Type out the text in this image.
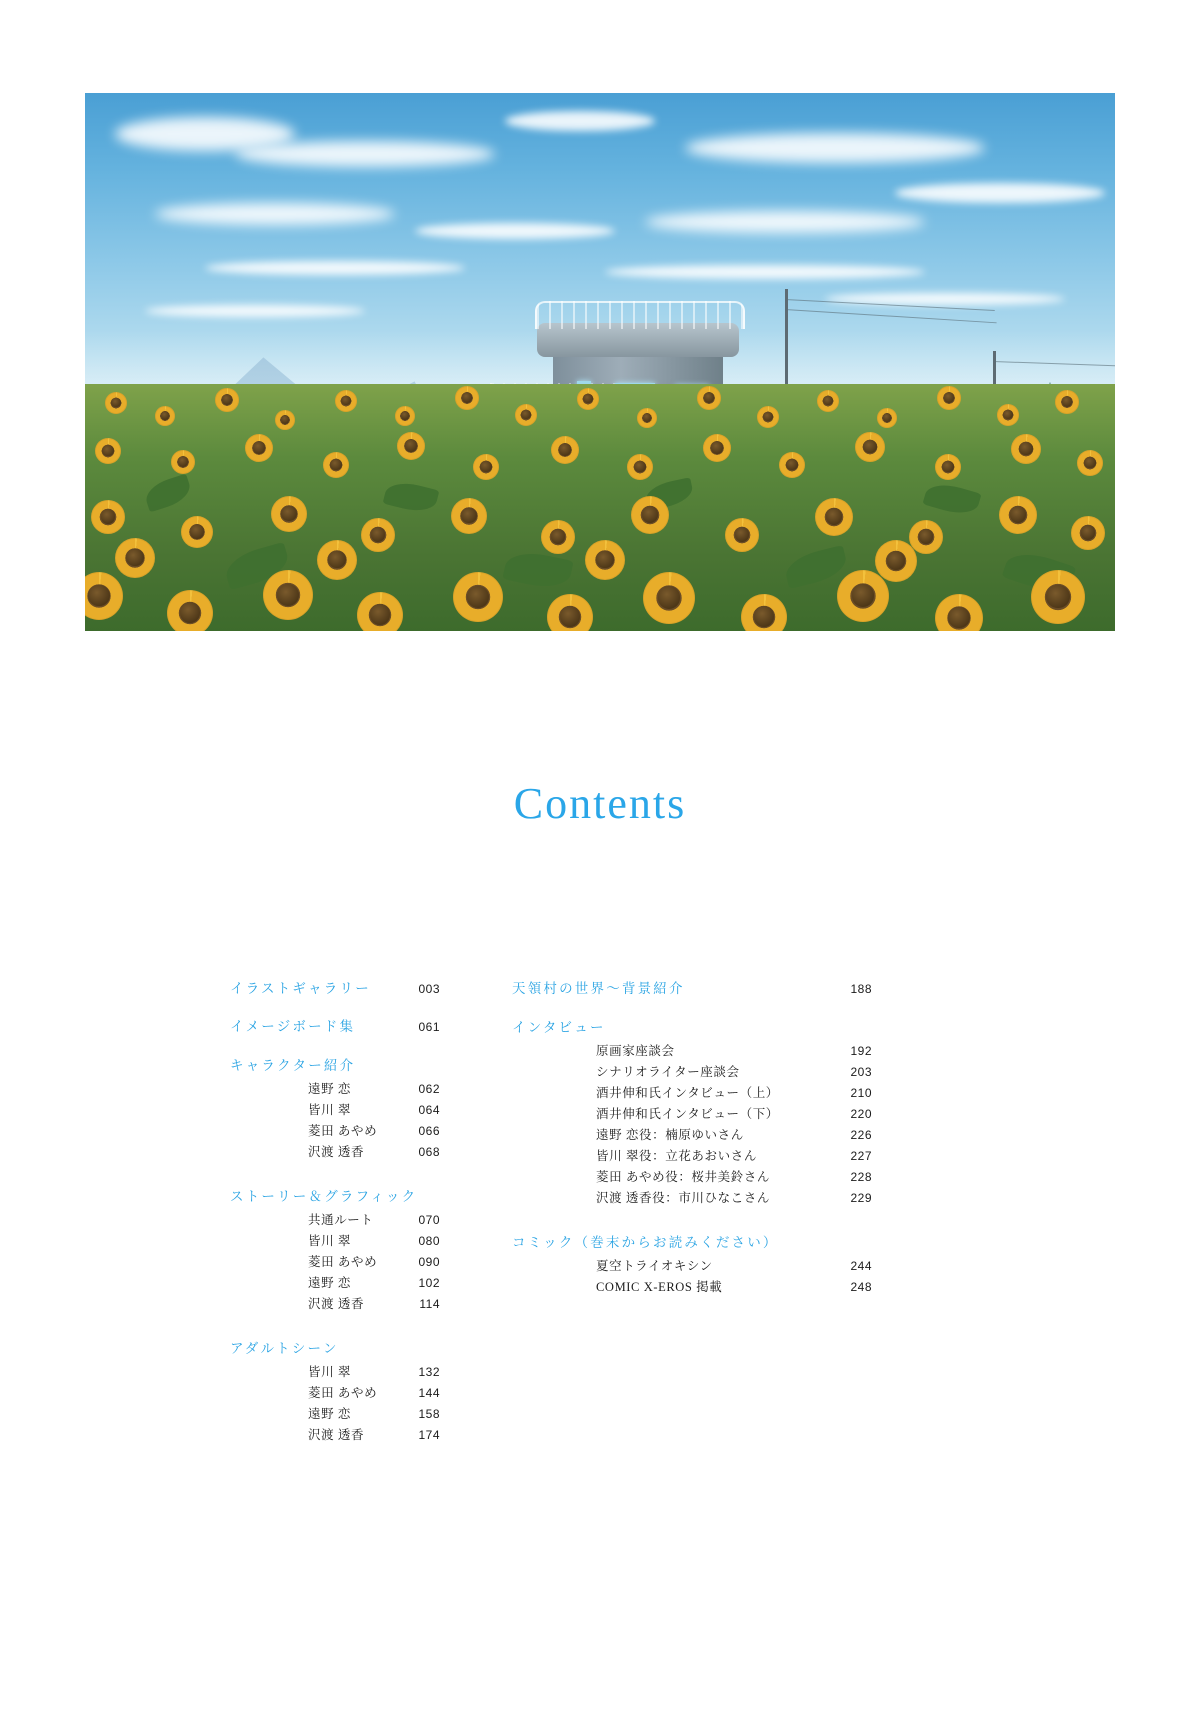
Contents
イラストギャラリー	003
イメージボード集	061
キャラクター紹介
遠野 恋	062
皆川 翠	064
菱田 あやめ	066
沢渡 透香	068
ストーリー＆グラフィック
共通ルート	070
皆川 翠	080
菱田 あやめ	090
遠野 恋	102
沢渡 透香	114
アダルトシーン
皆川 翠	132
菱田 あやめ	144
遠野 恋	158
沢渡 透香	174
天領村の世界～背景紹介	188
インタビュー
原画家座談会	192
シナリオライター座談会	203
酒井伸和氏インタビュー（上）	210
酒井伸和氏インタビュー（下）	220
遠野 恋役：楠原ゆいさん	226
皆川 翠役：立花あおいさん	227
菱田 あやめ役：桜井美鈴さん	228
沢渡 透香役：市川ひなこさん	229
コミック（巻末からお読みください）
夏空トライオキシン	244
COMIC X-EROS 掲載	248
